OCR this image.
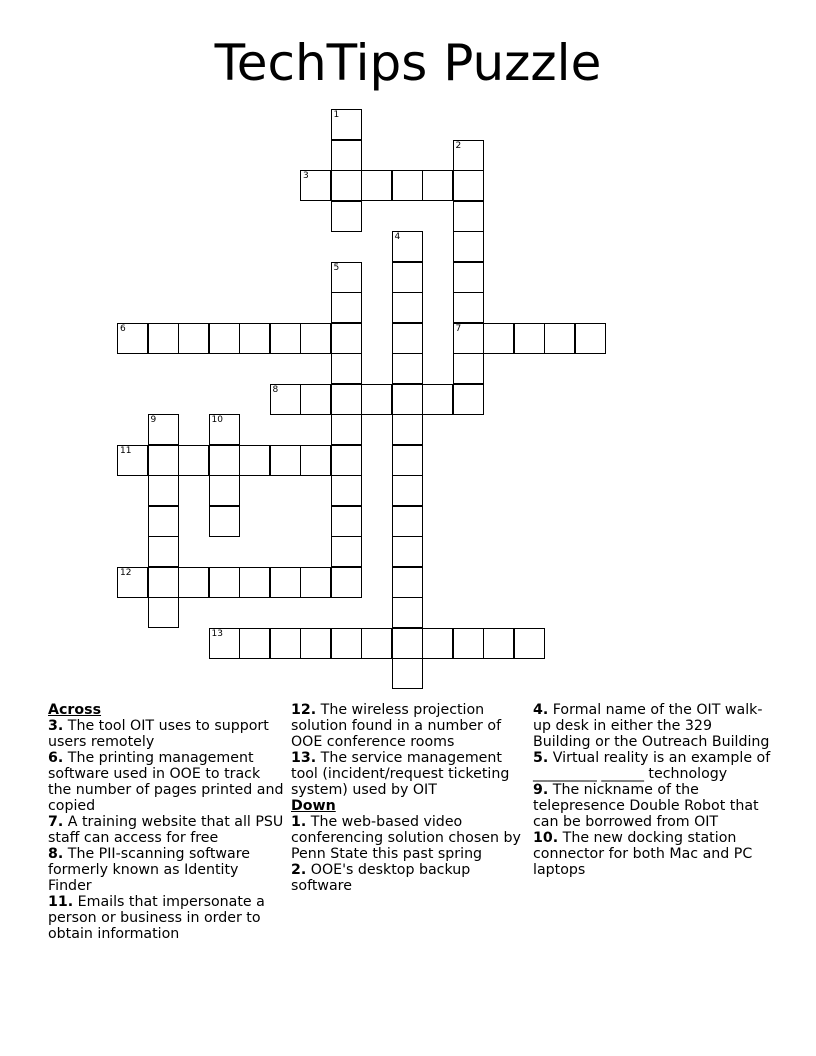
TechTips Puzzle
1
2
3
4
5
6	7
8
9	10
11
12
13
Across
3. The tool OIT uses to support users remotely
6. The printing management software used in OOE to track the number of pages printed and copied
7. A training website that all PSU staff can access for free
8. The PII-scanning software formerly known as Identity Finder
11. Emails that impersonate a person or business in order to obtain information
12. The wireless projection solution found in a number of OOE conference rooms
13. The service management tool (incident/request ticketing system) used by OIT
Down
1. The web-based video conferencing solution chosen by Penn State this past spring
2. OOE's desktop backup software
4. Formal name of the OIT walk-up desk in either the 329 Building or the Outreach Building
5. Virtual reality is an example of _________ ______ technology
9. The nickname of the telepresence Double Robot that can be borrowed from OIT
10. The new docking station connector for both Mac and PC laptops
